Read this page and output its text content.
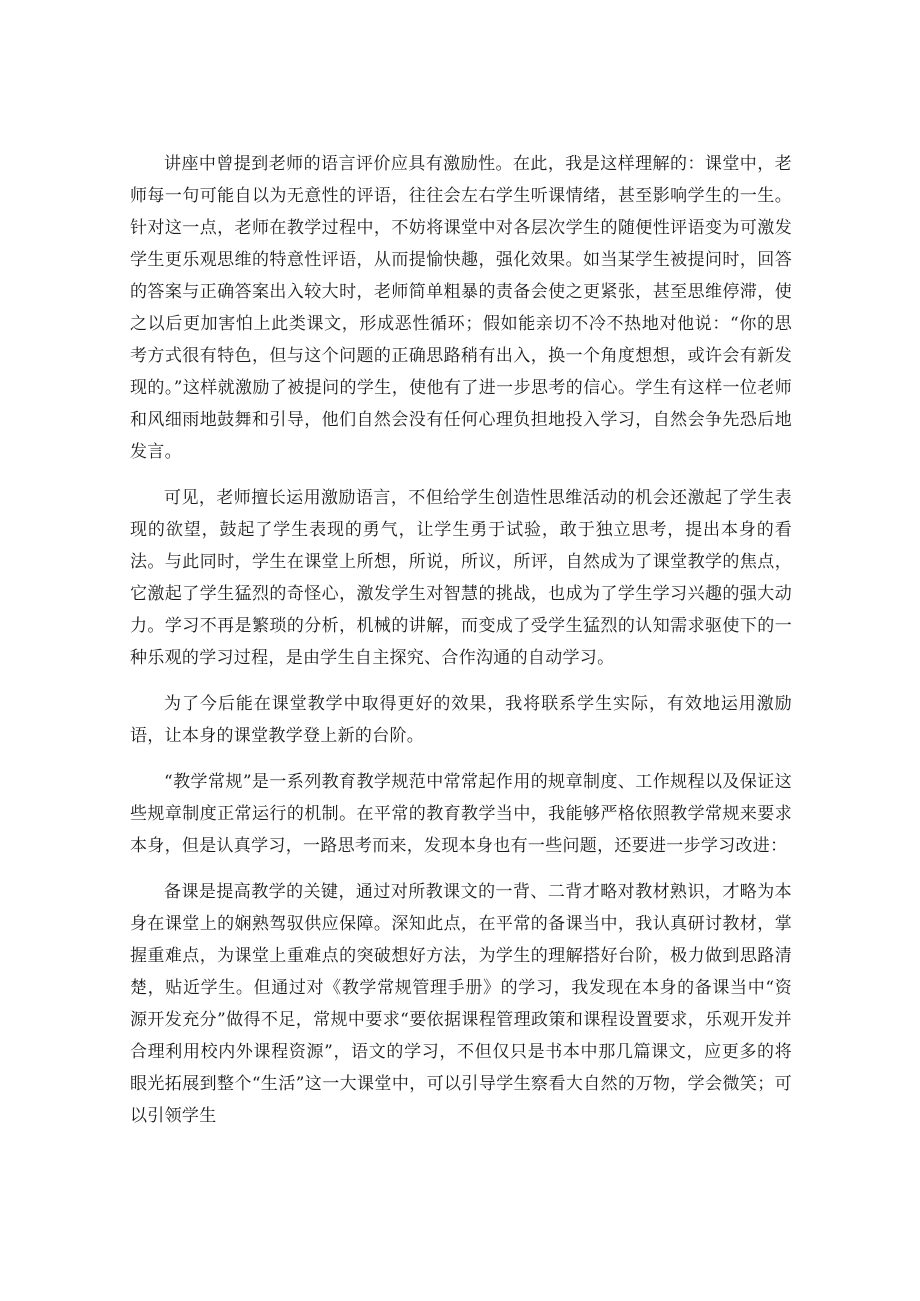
讲座中曾提到老师的语言评价应具有激励性。在此，我是这样理解的：课堂中，老师每一句可能自以为无意性的评语，往往会左右学生听课情绪，甚至影响学生的一生。针对这一点，老师在教学过程中，不妨将课堂中对各层次学生的随便性评语变为可激发学生更乐观思维的特意性评语，从而提愉快趣，强化效果。如当某学生被提问时，回答的答案与正确答案出入较大时，老师简单粗暴的责备会使之更紧张，甚至思维停滞，使之以后更加害怕上此类课文，形成恶性循环；假如能亲切不冷不热地对他说：“你的思考方式很有特色，但与这个问题的正确思路稍有出入，换一个角度想想，或许会有新发现的。”这样就激励了被提问的学生，使他有了进一步思考的信心。学生有这样一位老师和风细雨地鼓舞和引导，他们自然会没有任何心理负担地投入学习，自然会争先恐后地发言。

可见，老师擅长运用激励语言，不但给学生创造性思维活动的机会还激起了学生表现的欲望，鼓起了学生表现的勇气，让学生勇于试验，敢于独立思考，提出本身的看法。与此同时，学生在课堂上所想，所说，所议，所评，自然成为了课堂教学的焦点，它激起了学生猛烈的奇怪心，激发学生对智慧的挑战，也成为了学生学习兴趣的强大动力。学习不再是繁琐的分析，机械的讲解，而变成了受学生猛烈的认知需求驱使下的一种乐观的学习过程，是由学生自主探究、合作沟通的自动学习。

为了今后能在课堂教学中取得更好的效果，我将联系学生实际，有效地运用激励语，让本身的课堂教学登上新的台阶。

“教学常规”是一系列教育教学规范中常常起作用的规章制度、工作规程以及保证这些规章制度正常运行的机制。在平常的教育教学当中，我能够严格依照教学常规来要求本身，但是认真学习，一路思考而来，发现本身也有一些问题，还要进一步学习改进：

备课是提高教学的关键，通过对所教课文的一背、二背才略对教材熟识，才略为本身在课堂上的娴熟驾驭供应保障。深知此点，在平常的备课当中，我认真研讨教材，掌握重难点，为课堂上重难点的突破想好方法，为学生的理解搭好台阶，极力做到思路清楚，贴近学生。但通过对《教学常规管理手册》的学习，我发现在本身的备课当中“资源开发充分”做得不足，常规中要求“要依据课程管理政策和课程设置要求，乐观开发并合理利用校内外课程资源”，语文的学习，不但仅只是书本中那几篇课文，应更多的将眼光拓展到整个“生活”这一大课堂中，可以引导学生察看大自然的万物，学会微笑；可以引领学生
